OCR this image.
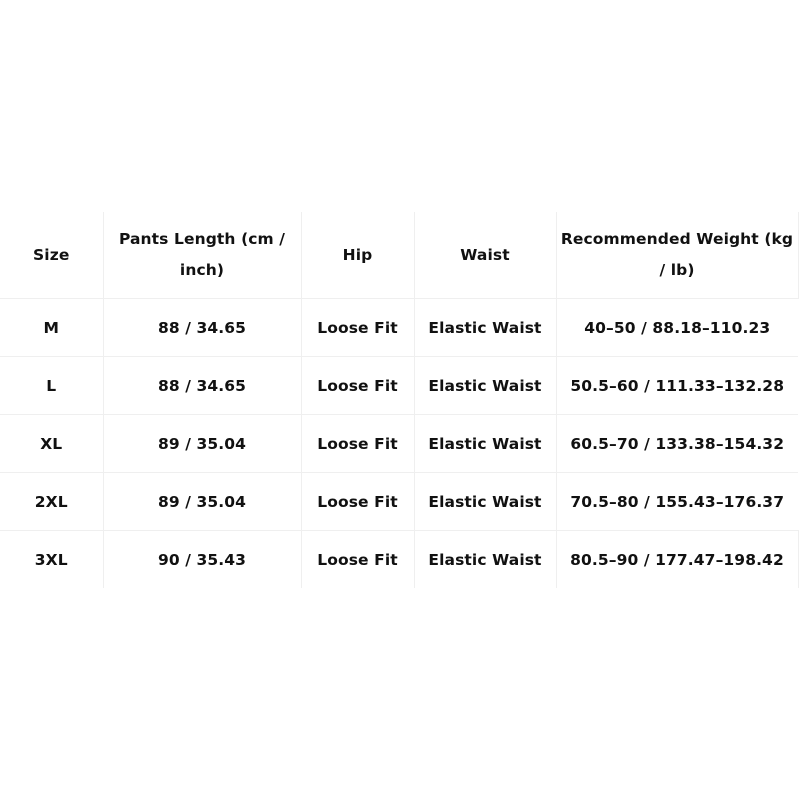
Size	Pants Length (cm / inch)	Hip	Waist	Recommended Weight (kg / lb)
M	88 / 34.65	Loose Fit	Elastic Waist	40–50 / 88.18–110.23
L	88 / 34.65	Loose Fit	Elastic Waist	50.5–60 / 111.33–132.28
XL	89 / 35.04	Loose Fit	Elastic Waist	60.5–70 / 133.38–154.32
2XL	89 / 35.04	Loose Fit	Elastic Waist	70.5–80 / 155.43–176.37
3XL	90 / 35.43	Loose Fit	Elastic Waist	80.5–90 / 177.47–198.42
